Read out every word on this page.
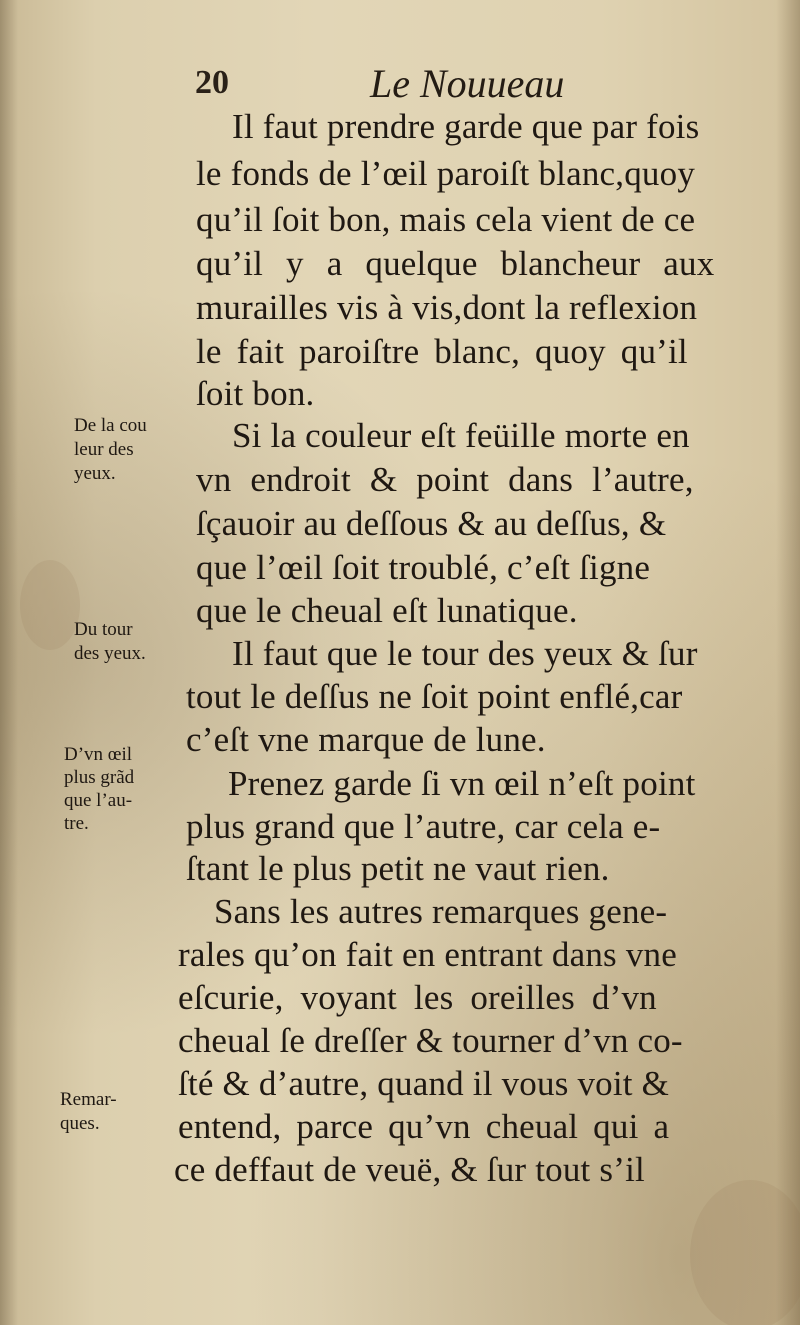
20	Le Nouueau
Il faut prendre garde que par fois
le fonds de l’œil paroiſt blanc,quoy
qu’il ſoit bon, mais cela vient de ce
qu’il y a quelque blancheur aux
murailles vis à vis,dont la reflexion
le fait paroiſtre blanc, quoy qu’il
ſoit bon.
Si la couleur eſt feüille morte en
vn endroit & point dans l’autre,
ſçauoir au deſſous & au deſſus, &
que l’œil ſoit troublé, c’eſt ſigne
que le cheual eſt lunatique.
Il faut que le tour des yeux & ſur
tout le deſſus ne ſoit point enflé,car
c’eſt vne marque de lune.
Prenez garde ſi vn œil n’eſt point
plus grand que l’autre, car cela e-
ſtant le plus petit ne vaut rien.
Sans les autres remarques gene-
rales qu’on fait en entrant dans vne
eſcurie, voyant les oreilles d’vn
cheual ſe dreſſer & tourner d’vn co-
ſté & d’autre, quand il vous voit &
entend, parce qu’vn cheual qui a
ce deffaut de veuë, & ſur tout s’il
De la cou
leur des
yeux.
Du tour
des yeux.
D’vn œil
plus grãd
que l’au-
tre.
Remar-
ques.
